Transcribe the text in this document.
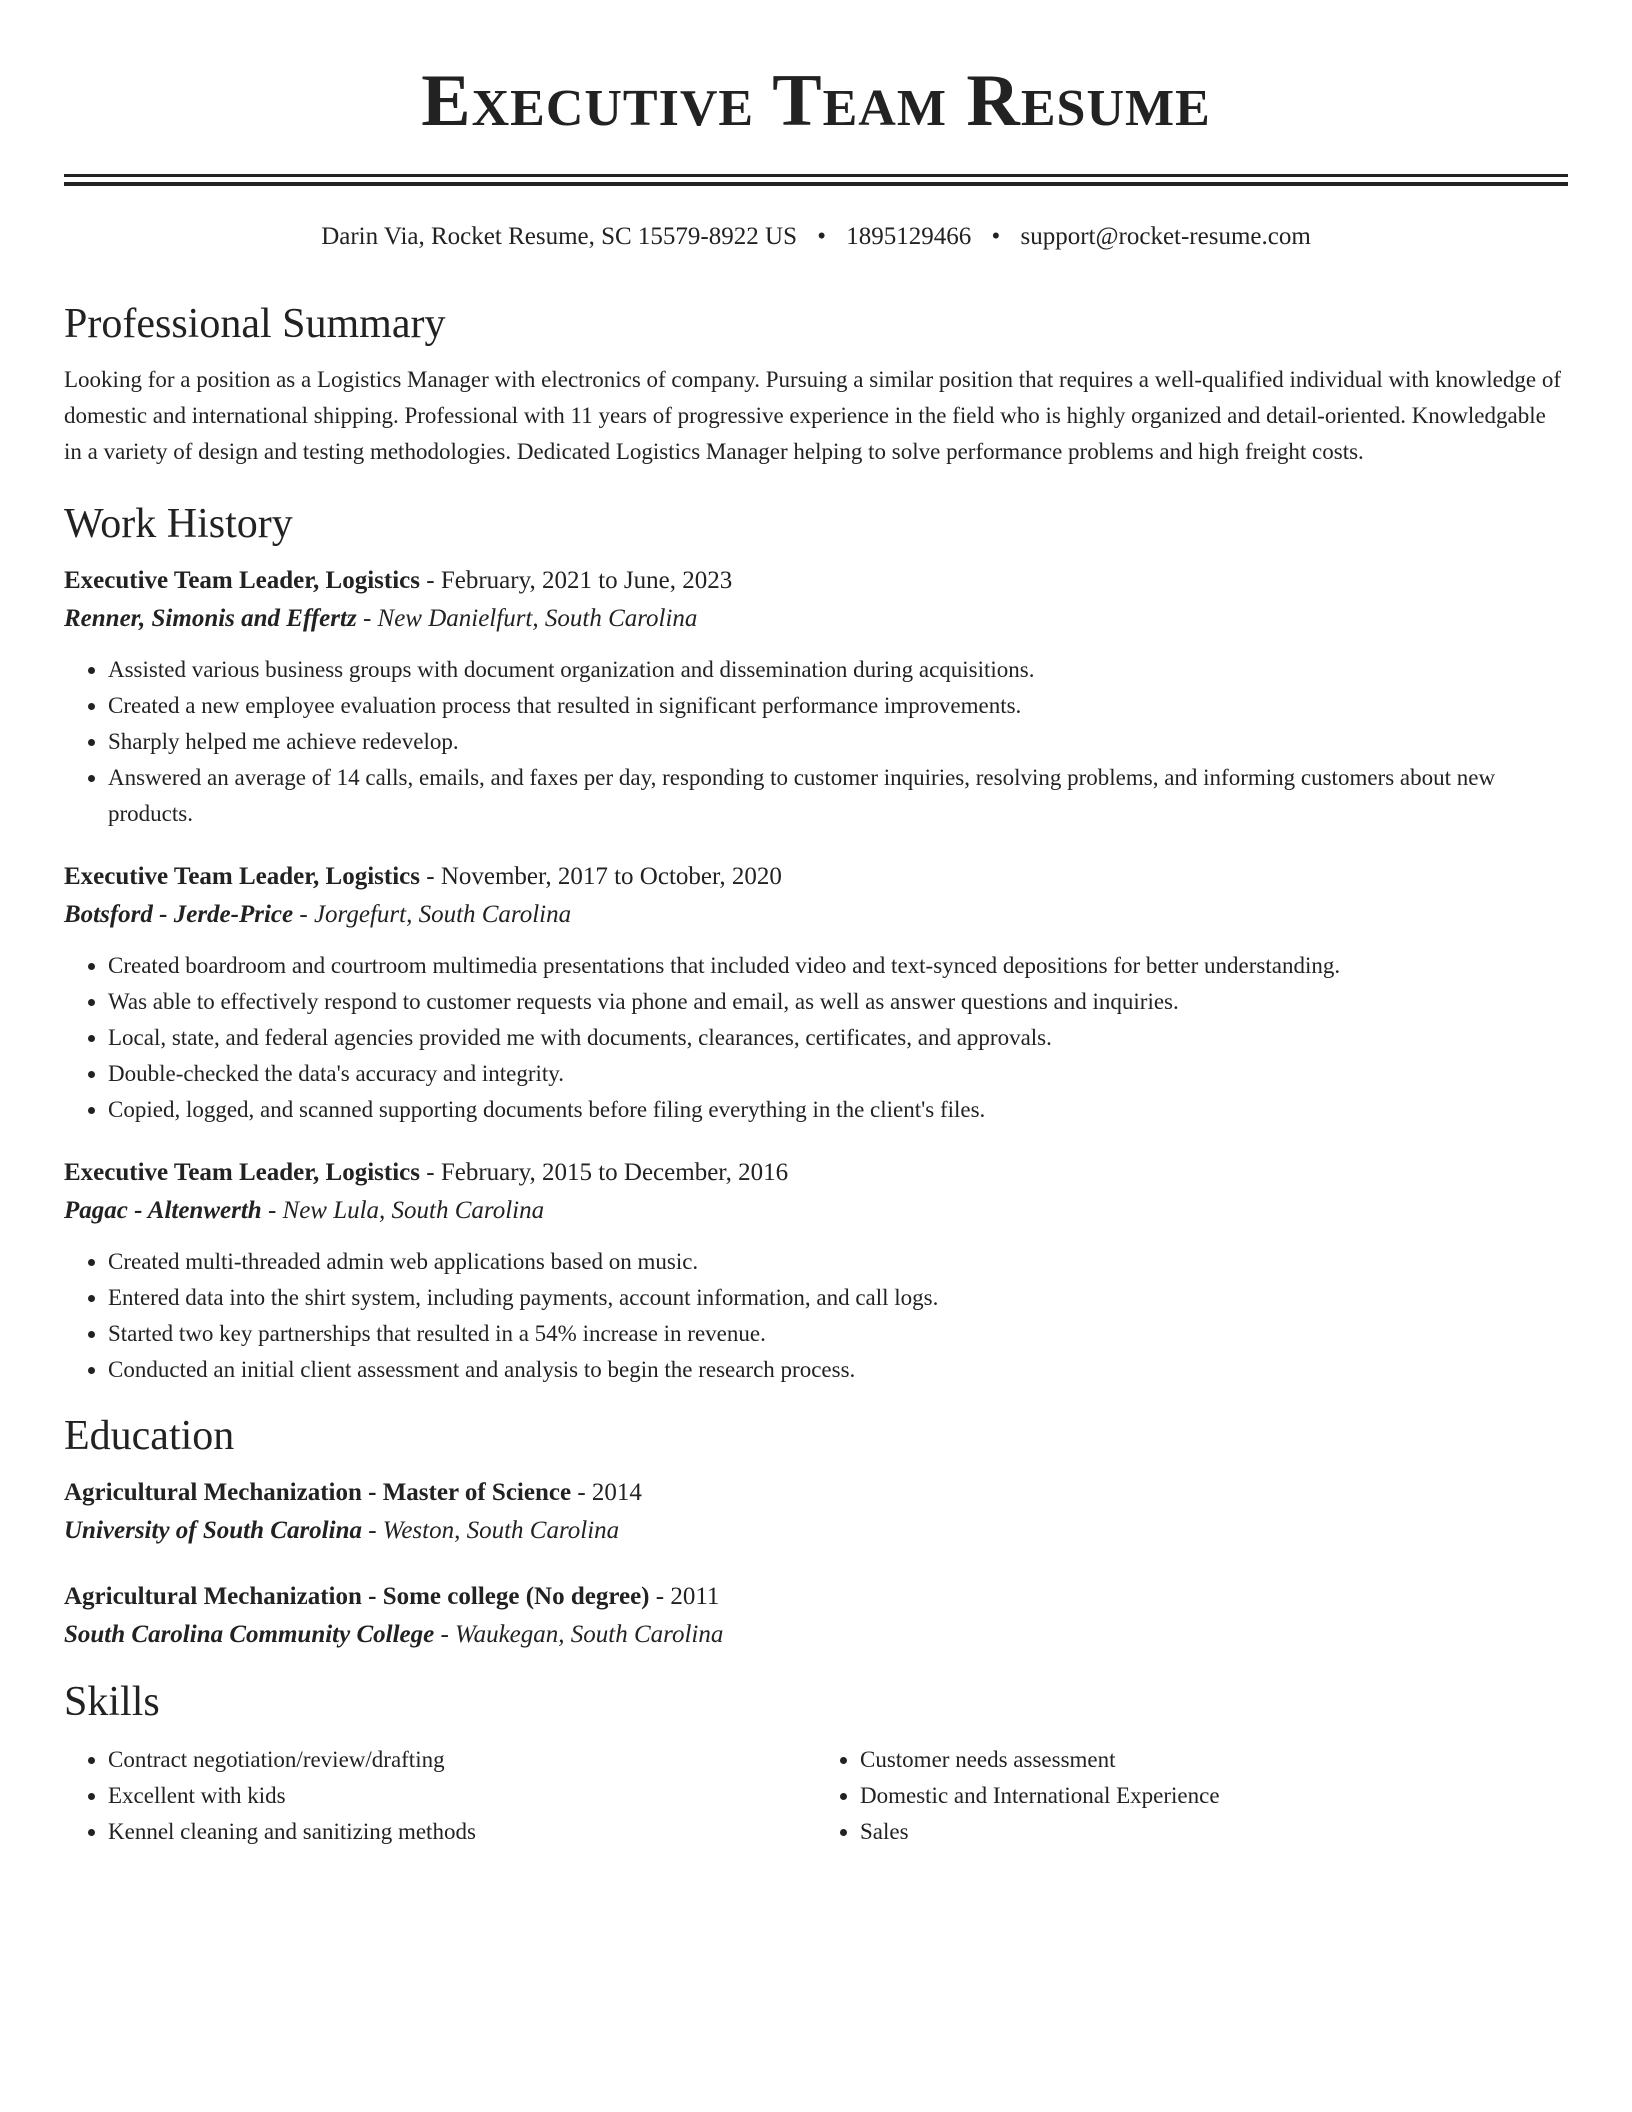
Executive Team Resume
Darin Via, Rocket Resume, SC 15579-8922 US • 1895129466 • support@rocket-resume.com
Professional Summary

Looking for a position as a Logistics Manager with electronics of company. Pursuing a similar position that requires a well-qualified individual with knowledge of domestic and international shipping. Professional with 11 years of progressive experience in the field who is highly organized and detail-oriented. Knowledgable in a variety of design and testing methodologies. Dedicated Logistics Manager helping to solve performance problems and high freight costs.

Work History

Executive Team Leader, Logistics - February, 2021 to June, 2023

Renner, Simonis and Effertz - New Danielfurt, South Carolina

• Assisted various business groups with document organization and dissemination during acquisitions.
• Created a new employee evaluation process that resulted in significant performance improvements.
• Sharply helped me achieve redevelop.
• Answered an average of 14 calls, emails, and faxes per day, responding to customer inquiries, resolving problems, and informing customers about new products.

Executive Team Leader, Logistics - November, 2017 to October, 2020

Botsford - Jerde-Price - Jorgefurt, South Carolina

• Created boardroom and courtroom multimedia presentations that included video and text-synced depositions for better understanding.
• Was able to effectively respond to customer requests via phone and email, as well as answer questions and inquiries.
• Local, state, and federal agencies provided me with documents, clearances, certificates, and approvals.
• Double-checked the data's accuracy and integrity.
• Copied, logged, and scanned supporting documents before filing everything in the client's files.

Executive Team Leader, Logistics - February, 2015 to December, 2016

Pagac - Altenwerth - New Lula, South Carolina

• Created multi-threaded admin web applications based on music.
• Entered data into the shirt system, including payments, account information, and call logs.
• Started two key partnerships that resulted in a 54% increase in revenue.
• Conducted an initial client assessment and analysis to begin the research process.
Education

Agricultural Mechanization - Master of Science - 2014

University of South Carolina - Weston, South Carolina

Agricultural Mechanization - Some college (No degree) - 2011

South Carolina Community College - Waukegan, South Carolina

Skills
• Contract negotiation/review/drafting
• Excellent with kids
• Kennel cleaning and sanitizing methods
• Customer needs assessment
• Domestic and International Experience
• Sales
